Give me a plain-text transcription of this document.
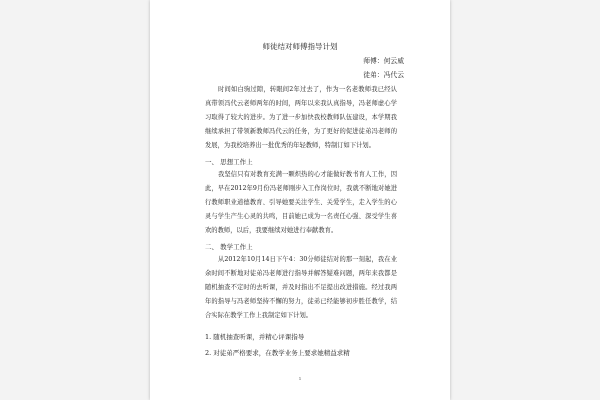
师徒结对师傅指导计划
师傅：何云威
徒弟：冯代云
时间如白驹过隙，转眼间2年过去了，作为一名老教师我已经认真带领冯代云老师两年的时间，两年以来我认真指导，冯老师虚心学习取得了较大的进步。为了进一步加快我校教师队伍建设，本学期我继续承担了带领新教师冯代云的任务，为了更好的促进徒弟冯老师的发展，为我校培养出一批优秀的年轻教师，特制订如下计划。
一、 思想工作上
我坚信只有对教育充满一颗炽热的心才能做好教书育人工作，因此，早在2012年9月份冯老师刚步入工作岗位时，我就不断地对她进行教师职业道德教育、引导她要关注学生、关爱学生，走入学生的心灵与学生产生心灵的共鸣，目前她已成为一名责任心强、深受学生喜欢的教师，以后，我要继续对她进行奉献教育。
二、 教学工作上
从2012年10月14日下午4：30分师徒结对的那一刻起，我在业余时间不断地对徒弟冯老师进行指导并解答疑难问题，两年来我都是随机抽查不定时的去听课，并及时指出不足提出改进措施。经过我两年的指导与冯老师坚持不懈的努力，徒弟已经能够初步胜任教学，结合实际在教学工作上我制定如下计划。
1. 随机抽查听课，并精心评课指导
2. 对徒弟严格要求，在教学业务上要求她精益求精
1
